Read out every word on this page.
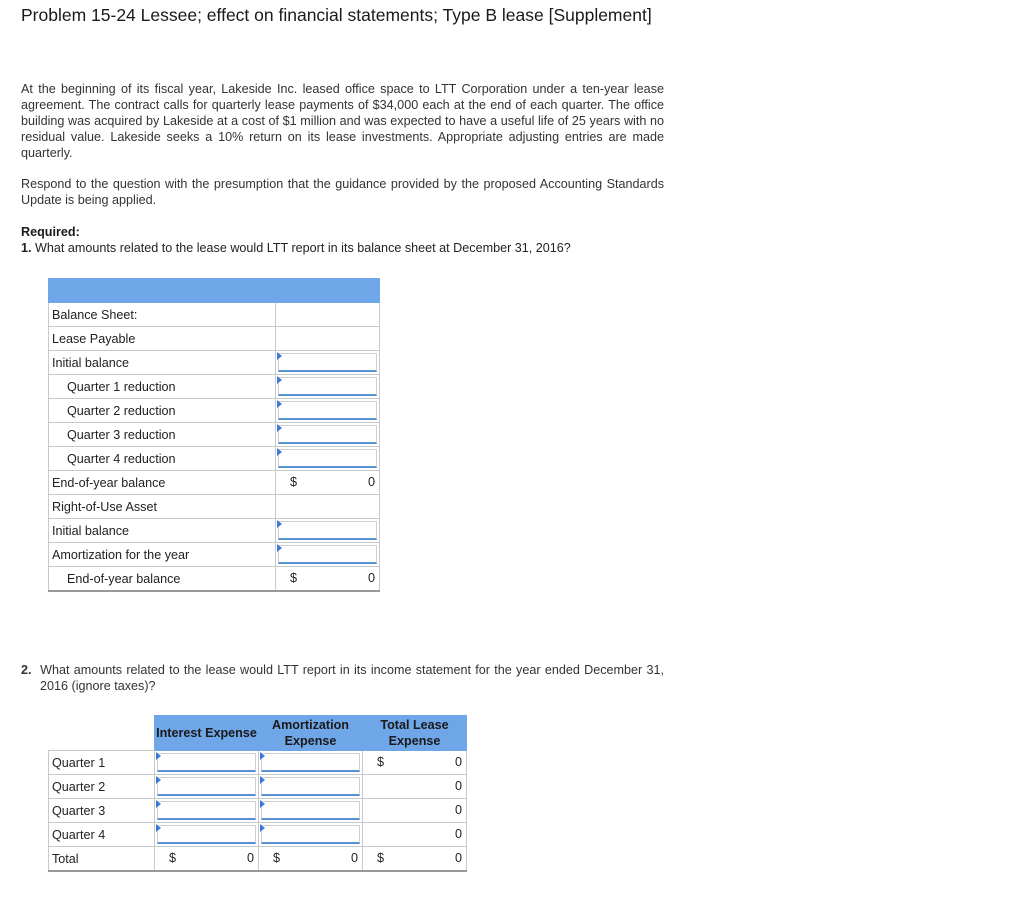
Problem 15-24 Lessee; effect on financial statements; Type B lease [Supplement]
At the beginning of its fiscal year, Lakeside Inc. leased office space to LTT Corporation under a ten-year lease agreement. The contract calls for quarterly lease payments of $34,000 each at the end of each quarter. The office building was acquired by Lakeside at a cost of $1 million and was expected to have a useful life of 25 years with no residual value. Lakeside seeks a 10% return on its lease investments. Appropriate adjusting entries are made quarterly.
Respond to the question with the presumption that the guidance provided by the proposed Accounting Standards Update is being applied.
Required:
1. What amounts related to the lease would LTT report in its balance sheet at December 31, 2016?

Balance Sheet:	
Lease Payable	
Initial balance	

Quarter 1 reduction	

Quarter 2 reduction	

Quarter 3 reduction	

Quarter 4 reduction	

End-of-year balance	$ 0

Right-of-Use Asset	
Initial balance	

Amortization for the year	

End-of-year balance	$ 0
2. What amounts related to the lease would LTT report in its income statement for the year ended December 31, 2016 (ignore taxes)?
	Interest Expense	Amortization Expense	Total Lease Expense
Quarter 1			$ 0

Quarter 2			0

Quarter 3			0

Quarter 4			0

Total	$ 0	$ 0	$ 0
